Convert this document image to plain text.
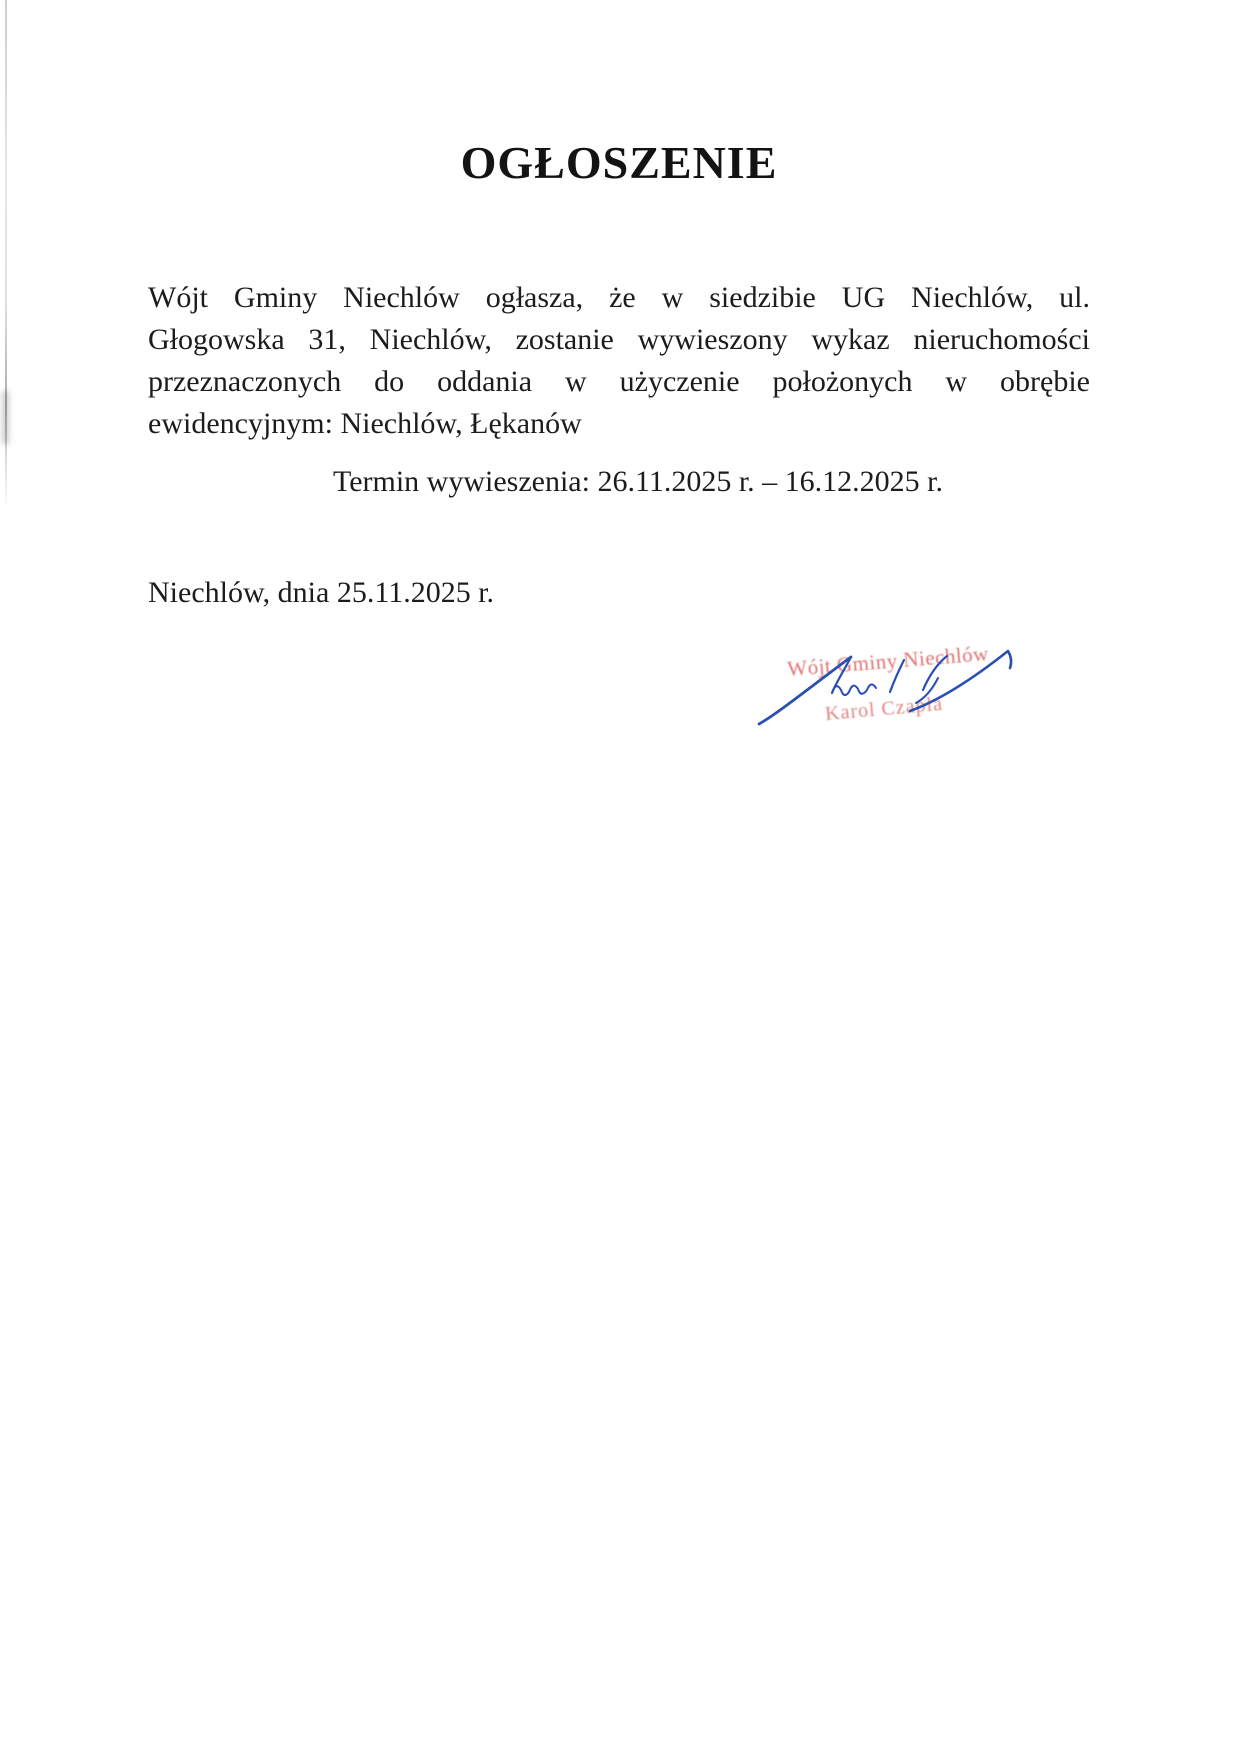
OGŁOSZENIE
Wójt Gminy Niechlów ogłasza, że w siedzibie UG Niechlów, ul.
Głogowska 31, Niechlów, zostanie wywieszony wykaz nieruchomości
przeznaczonych do oddania w użyczenie położonych w obrębie
ewidencyjnym: Niechlów, Łękanów
Termin wywieszenia: 26.11.2025 r. – 16.12.2025 r.
Niechlów, dnia 25.11.2025 r.
Wójt Gminy Niechlów
Karol Czapla
